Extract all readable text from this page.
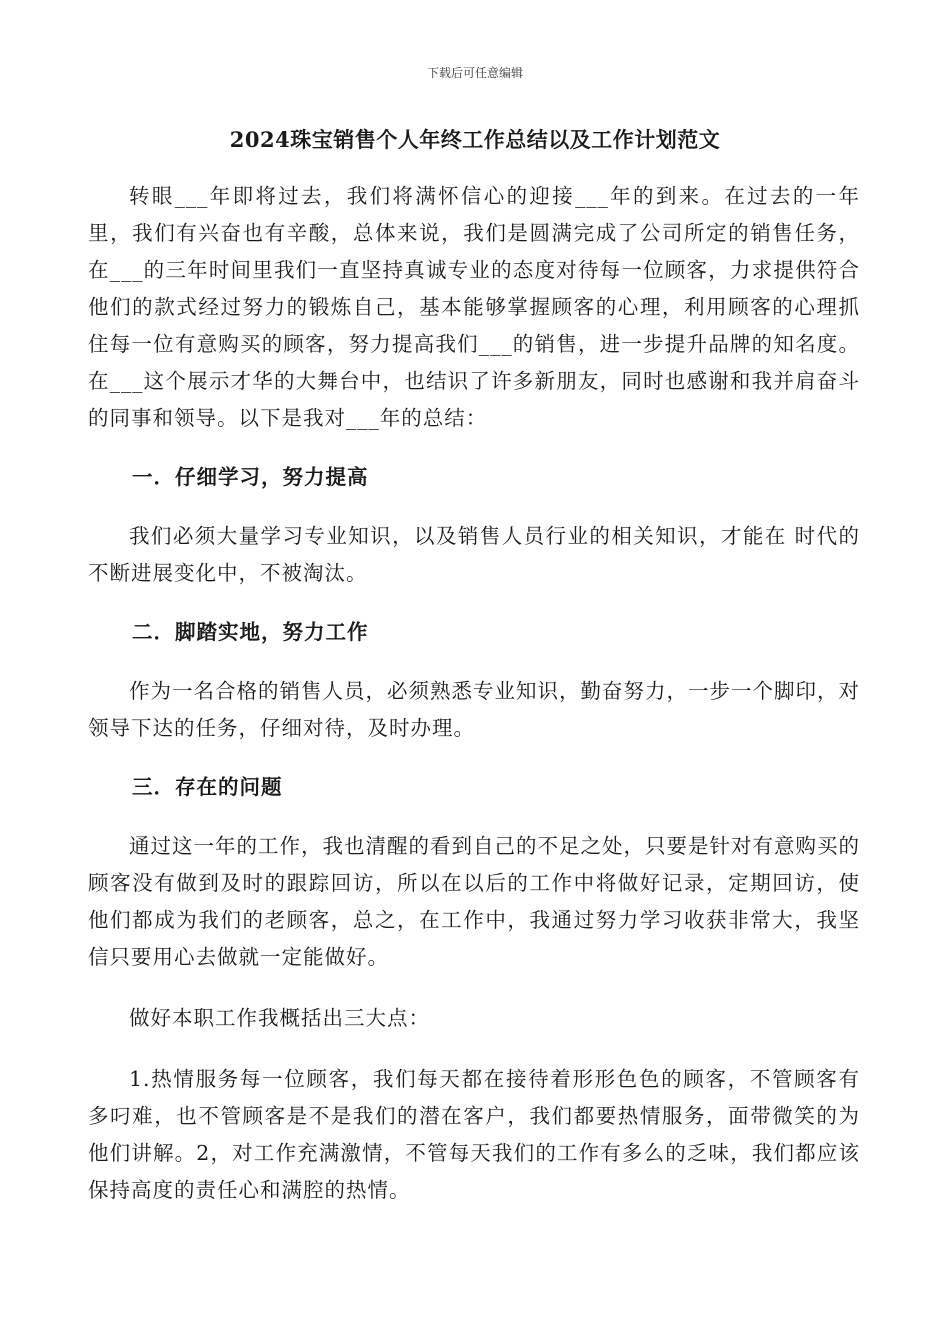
下载后可任意编辑
2024珠宝销售个人年终工作总结以及工作计划范文

转眼___年即将过去，我们将满怀信心的迎接___年的到来。在过去的一年里，我们有兴奋也有辛酸，总体来说，我们是圆满完成了公司所定的销售任务，在___的三年时间里我们一直坚持真诚专业的态度对待每一位顾客，力求提供符合他们的款式经过努力的锻炼自己，基本能够掌握顾客的心理，利用顾客的心理抓住每一位有意购买的顾客，努力提高我们___的销售，进一步提升品牌的知名度。在___这个展示才华的大舞台中，也结识了许多新朋友，同时也感谢和我并肩奋斗的同事和领导。以下是我对___年的总结：

一．仔细学习，努力提高

我们必须大量学习专业知识，以及销售人员行业的相关知识，才能在 时代的不断进展变化中，不被淘汰。

二．脚踏实地，努力工作

作为一名合格的销售人员，必须熟悉专业知识，勤奋努力，一步一个脚印，对领导下达的任务，仔细对待，及时办理。

三．存在的问题

通过这一年的工作，我也清醒的看到自己的不足之处，只要是针对有意购买的顾客没有做到及时的跟踪回访，所以在以后的工作中将做好记录，定期回访，使他们都成为我们的老顾客，总之，在工作中，我通过努力学习收获非常大，我坚信只要用心去做就一定能做好。

做好本职工作我概括出三大点：

1.热情服务每一位顾客，我们每天都在接待着形形色色的顾客，不管顾客有多叼难，也不管顾客是不是我们的潜在客户，我们都要热情服务，面带微笑的为他们讲解。2，对工作充满激情，不管每天我们的工作有多么的乏味，我们都应该保持高度的责任心和满腔的热情。
